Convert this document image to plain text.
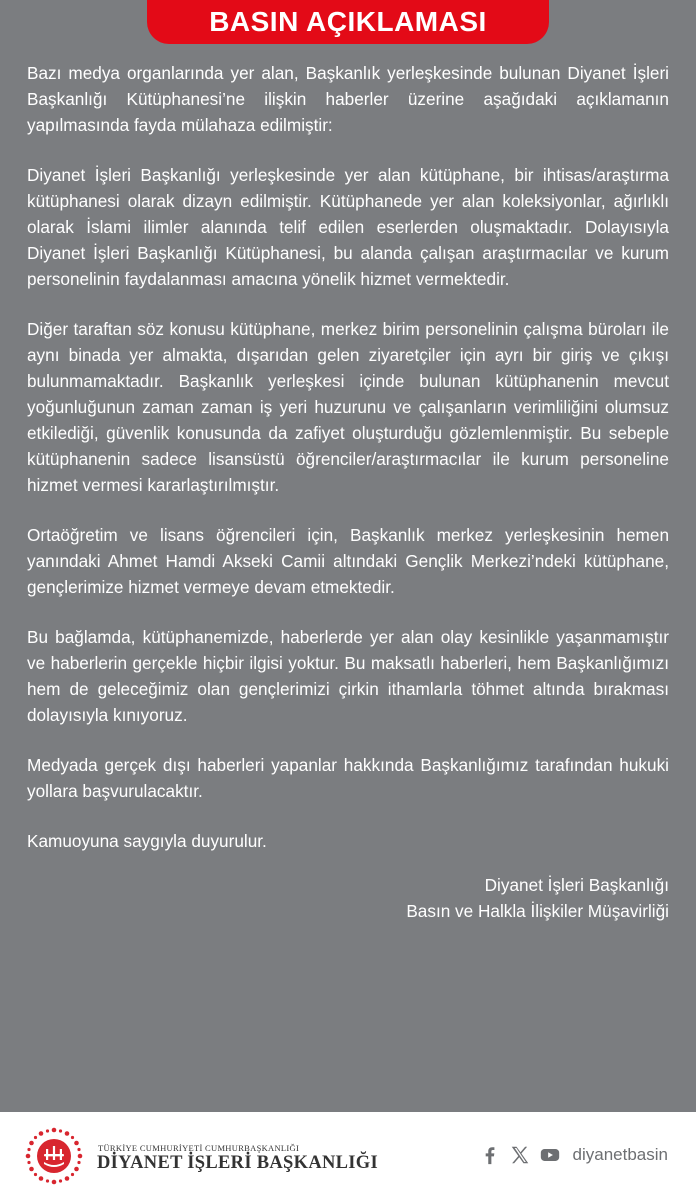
BASIN AÇIKLAMASI

Bazı medya organlarında yer alan, Başkanlık yerleşkesinde bulunan Diyanet İşleri Başkanlığı Kütüphanesi’ne ilişkin haberler üzerine aşağıdaki açıklamanın yapılmasında fayda mülahaza edilmiştir:

Diyanet İşleri Başkanlığı yerleşkesinde yer alan kütüphane, bir ihtisas/araştırma kütüphanesi olarak dizayn edilmiştir. Kütüphanede yer alan koleksiyonlar, ağırlıklı olarak İslami ilimler alanında telif edilen eserlerden oluşmaktadır. Dolayısıyla Diyanet İşleri Başkanlığı Kütüphanesi, bu alanda çalışan araştırmacılar ve kurum personelinin faydalanması amacına yönelik hizmet vermektedir.

Diğer taraftan söz konusu kütüphane, merkez birim personelinin çalışma büroları ile aynı binada yer almakta, dışarıdan gelen ziyaretçiler için ayrı bir giriş ve çıkışı bulunmamaktadır. Başkanlık yerleşkesi içinde bulunan kütüphanenin mevcut yoğunluğunun zaman zaman iş yeri huzurunu ve çalışanların verimliliğini olumsuz etkilediği, güvenlik konusunda da zafiyet oluşturduğu gözlemlenmiştir. Bu sebeple kütüphanenin sadece lisansüstü öğrenciler/araştırmacılar ile kurum personeline hizmet vermesi kararlaştırılmıştır.

Ortaöğretim ve lisans öğrencileri için, Başkanlık merkez yerleşkesinin hemen yanındaki Ahmet Hamdi Akseki Camii altındaki Gençlik Merkezi’ndeki kütüphane, gençlerimize hizmet vermeye devam etmektedir.

Bu bağlamda, kütüphanemizde, haberlerde yer alan olay kesinlikle yaşanmamıştır ve haberlerin gerçekle hiçbir ilgisi yoktur. Bu maksatlı haberleri, hem Başkanlığımızı hem de geleceğimiz olan gençlerimizi çirkin ithamlarla töhmet altında bırakması dolayısıyla kınıyoruz.

Medyada gerçek dışı haberleri yapanlar hakkında Başkanlığımız tarafından hukuki yollara başvurulacaktır.

Kamuoyuna saygıyla duyurulur.

Diyanet İşleri Başkanlığı
Basın ve Halkla İlişkiler Müşavirliği
TÜRKİYE CUMHURİYETİ CUMHURBAŞKANLIĞI
DİYANET İŞLERİ BAŞKANLIĞI	diyanetbasin
